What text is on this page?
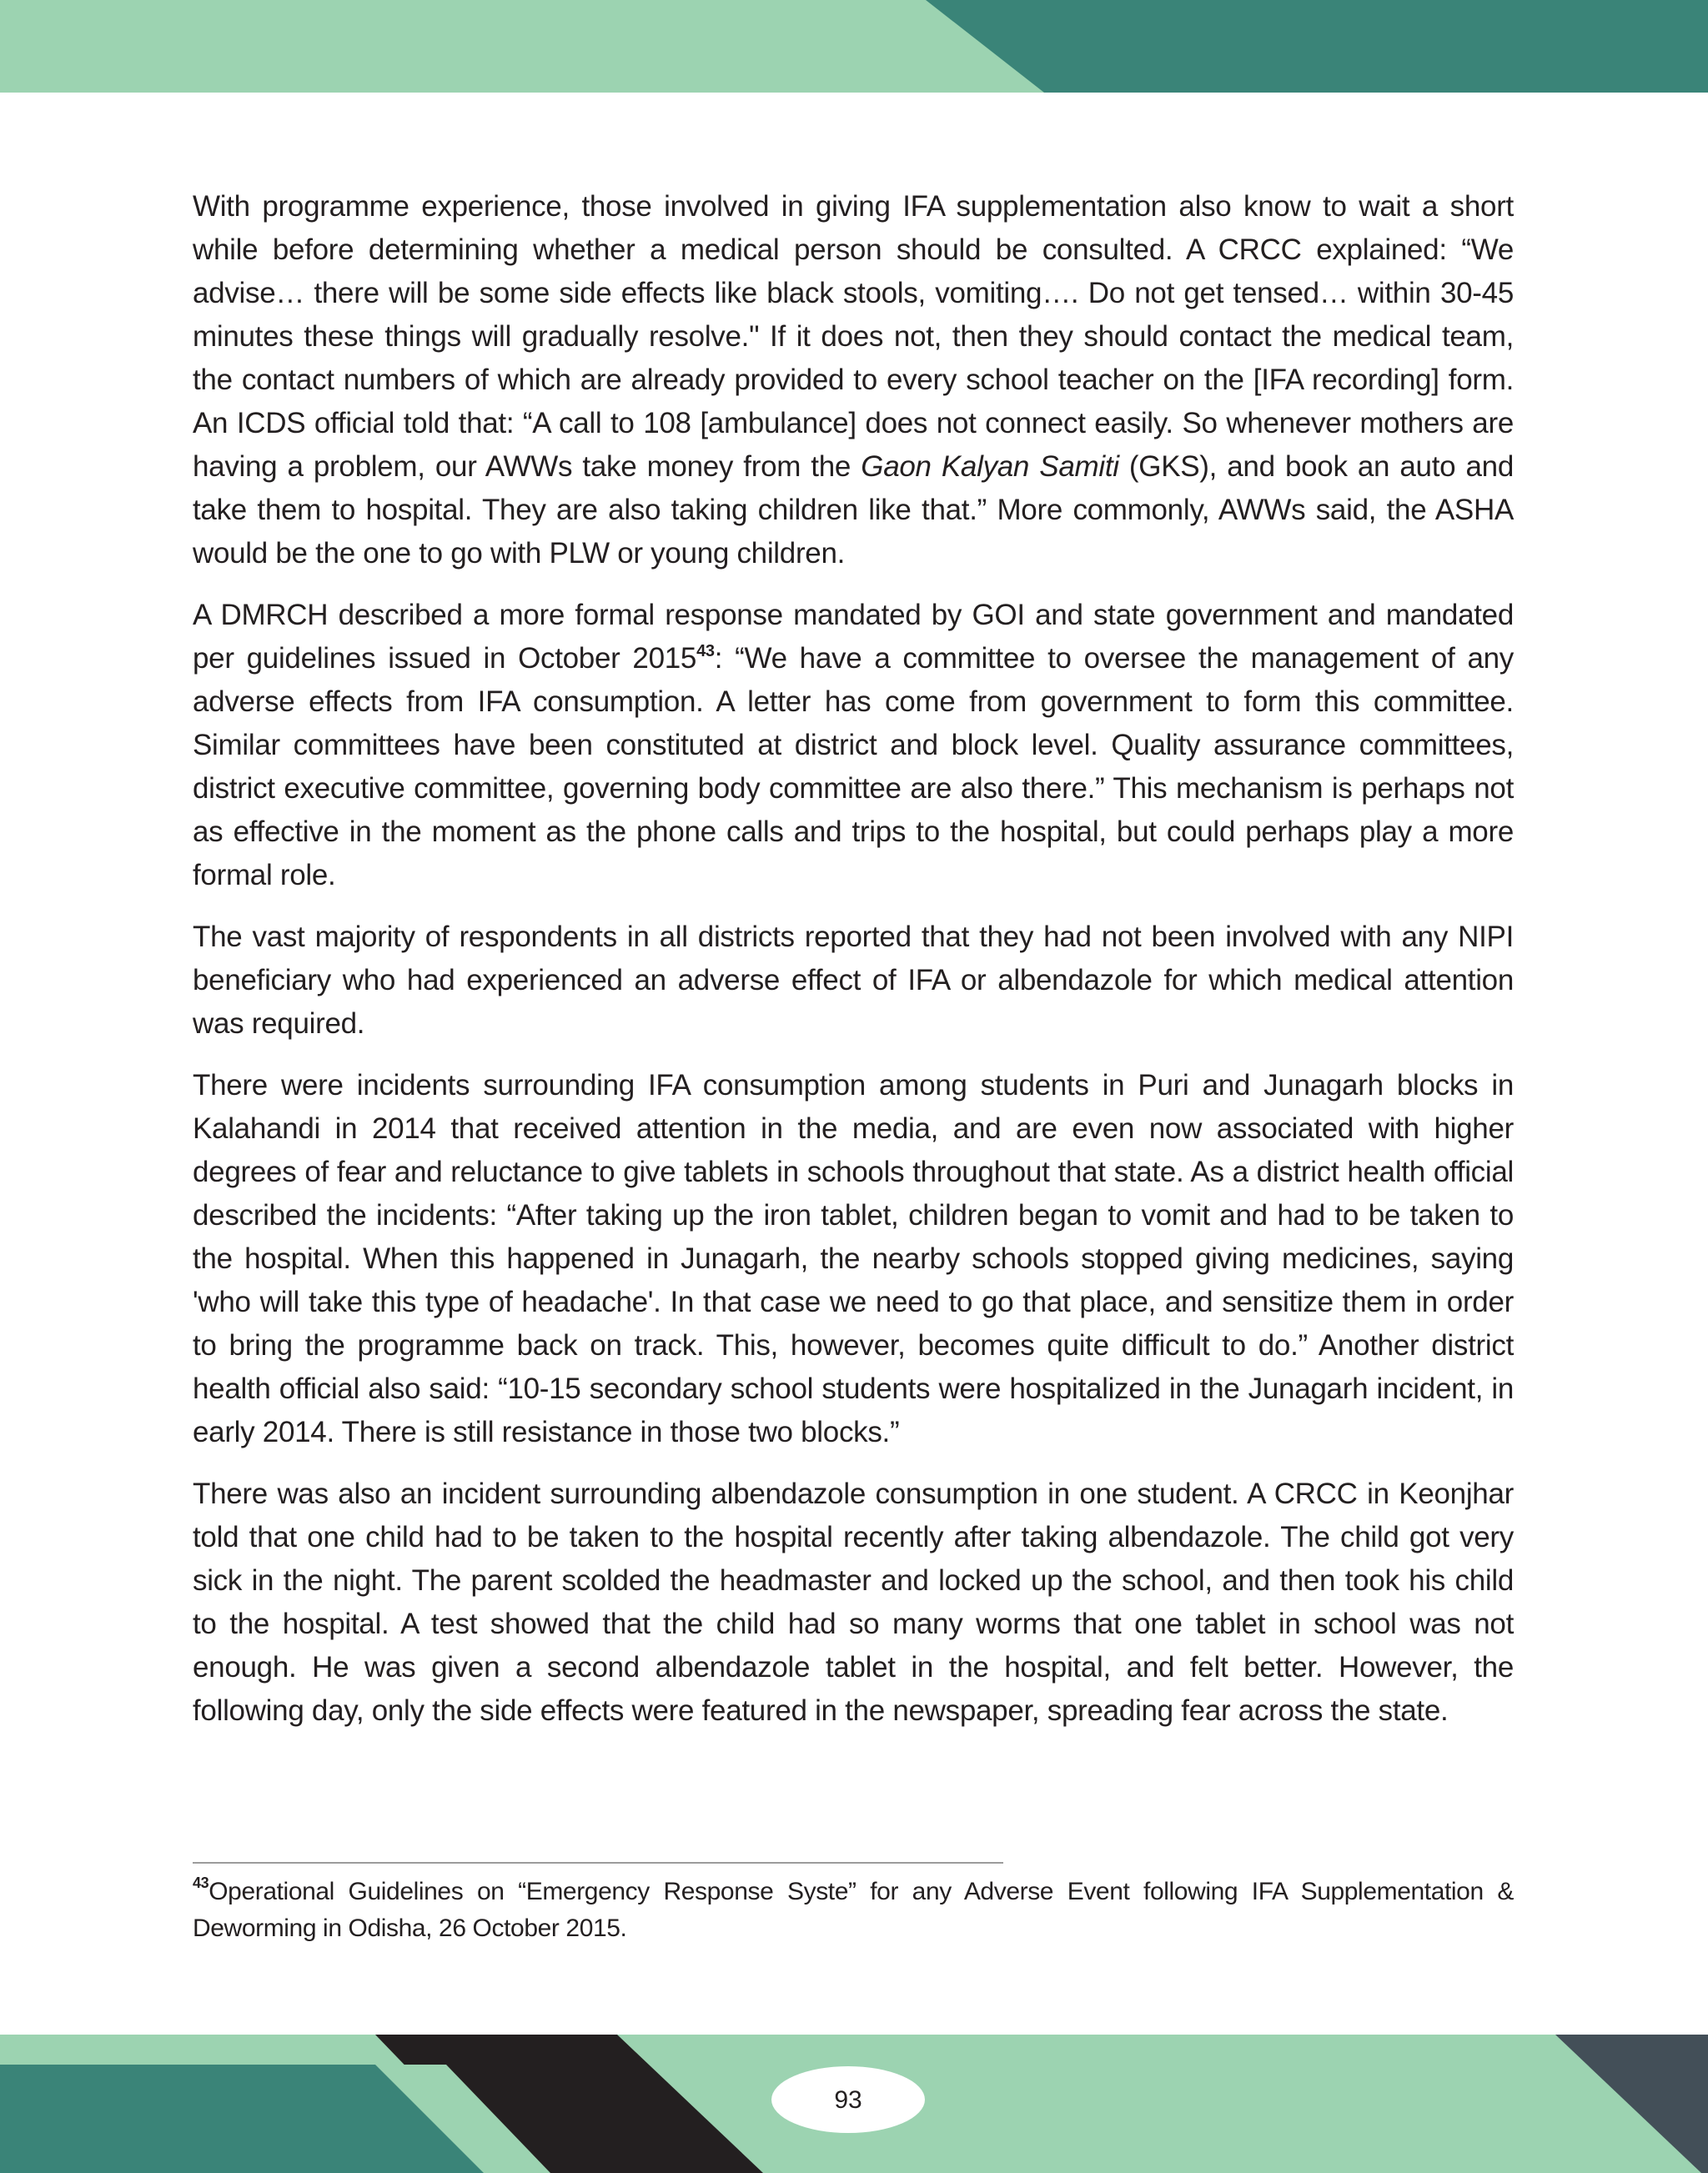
With programme experience, those involved in giving IFA supplementation also know to wait a short while before determining whether a medical person should be consulted. A CRCC explained: “We advise… there will be some side effects like black stools, vomiting…. Do not get tensed… within 30-45 minutes these things will gradually resolve." If it does not, then they should contact the medical team, the contact numbers of which are already provided to every school teacher on the [IFA recording] form. An ICDS official told that: “A call to 108 [ambulance] does not connect easily. So whenever mothers are having a problem, our AWWs take money from the Gaon Kalyan Samiti (GKS), and book an auto and take them to hospital. They are also taking children like that.” More commonly, AWWs said, the ASHA would be the one to go with PLW or young children.

A DMRCH described a more formal response mandated by GOI and state government and mandated per guidelines issued in October 2015$^{43}$: “We have a committee to oversee the management of any adverse effects from IFA consumption. A letter has come from government to form this committee. Similar committees have been constituted at district and block level. Quality assurance committees, district executive committee, governing body committee are also there.” This mechanism is perhaps not as effective in the moment as the phone calls and trips to the hospital, but could perhaps play a more formal role.

The vast majority of respondents in all districts reported that they had not been involved with any NIPI beneficiary who had experienced an adverse effect of IFA or albendazole for which medical attention was required.

There were incidents surrounding IFA consumption among students in Puri and Junagarh blocks in Kalahandi in 2014 that received attention in the media, and are even now associated with higher degrees of fear and reluctance to give tablets in schools throughout that state. As a district health official described the incidents: “After taking up the iron tablet, children began to vomit and had to be taken to the hospital. When this happened in Junagarh, the nearby schools stopped giving medicines, saying 'who will take this type of headache'. In that case we need to go that place, and sensitize them in order to bring the programme back on track. This, however, becomes quite difficult to do.” Another district health official also said: “10-15 secondary school students were hospitalized in the Junagarh incident, in early 2014. There is still resistance in those two blocks.”

There was also an incident surrounding albendazole consumption in one student. A CRCC in Keonjhar told that one child had to be taken to the hospital recently after taking albendazole. The child got very sick in the night. The parent scolded the headmaster and locked up the school, and then took his child to the hospital. A test showed that the child had so many worms that one tablet in school was not enough. He was given a second albendazole tablet in the hospital, and felt better. However, the following day, only the side effects were featured in the newspaper, spreading fear across the state.

$^{43}$Operational Guidelines on “Emergency Response Syste” for any Adverse Event following IFA Supplementation & Deworming in Odisha, 26 October 2015.

93
